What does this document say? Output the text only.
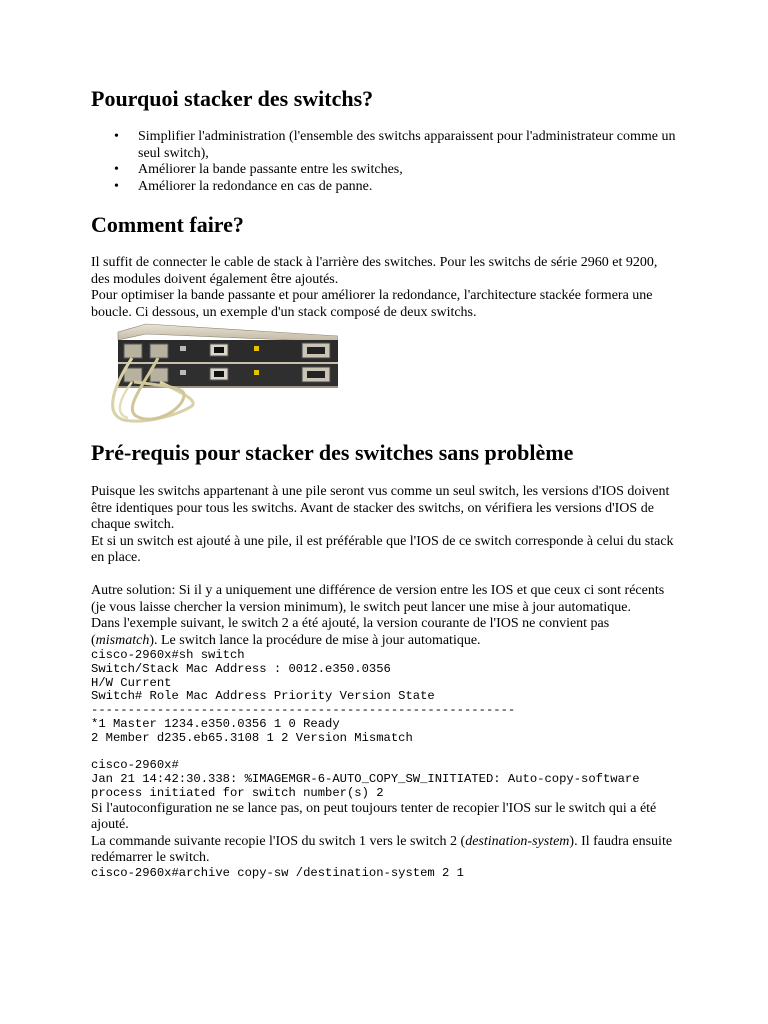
Pourquoi stacker des switchs?
• Simplifier l'administration (l'ensemble des switchs apparaissent pour l'administrateur comme un seul switch),
• Améliorer la bande passante entre les switches,
• Améliorer la redondance en cas de panne.
Comment faire?

Il suffit de connecter le cable de stack à l'arrière des switches. Pour les switchs de série 2960 et 9200, des modules doivent également être ajoutés.

Pour optimiser la bande passante et pour améliorer la redondance, l'architecture stackée formera une boucle. Ci dessous, un exemple d'un stack composé de deux switchs.

Pré-requis pour stacker des switches sans problème

Puisque les switchs appartenant à une pile seront vus comme un seul switch, les versions d'IOS doivent être identiques pour tous les switchs. Avant de stacker des switchs, on vérifiera les versions d'IOS de chaque switch.

Et si un switch est ajouté à une pile, il est préférable que l'IOS de ce switch corresponde à celui du stack en place.

Autre solution: Si il y a uniquement une différence de version entre les IOS et que ceux ci sont récents (je vous laisse chercher la version minimum), le switch peut lancer une mise à jour automatique.

Dans l'exemple suivant, le switch 2 a été ajouté, la version courante de l'IOS ne convient pas (mismatch). Le switch lance la procédure de mise à jour automatique.

cisco-2960x#sh switch
Switch/Stack Mac Address : 0012.e350.0356
H/W Current
Switch# Role Mac Address Priority Version State
----------------------------------------------------------
*1 Master 1234.e350.0356 1 0 Ready
2 Member d235.eb65.3108 1 2 Version Mismatch

cisco-2960x#
Jan 21 14:42:30.338: %IMAGEMGR-6-AUTO_COPY_SW_INITIATED: Auto-copy-software
process initiated for switch number(s) 2

Si l'autoconfiguration ne se lance pas, on peut toujours tenter de recopier l'IOS sur le switch qui a été ajouté.

La commande suivante recopie l'IOS du switch 1 vers le switch 2 (destination-system). Il faudra ensuite redémarrer le switch.

cisco-2960x#archive copy-sw /destination-system 2 1
